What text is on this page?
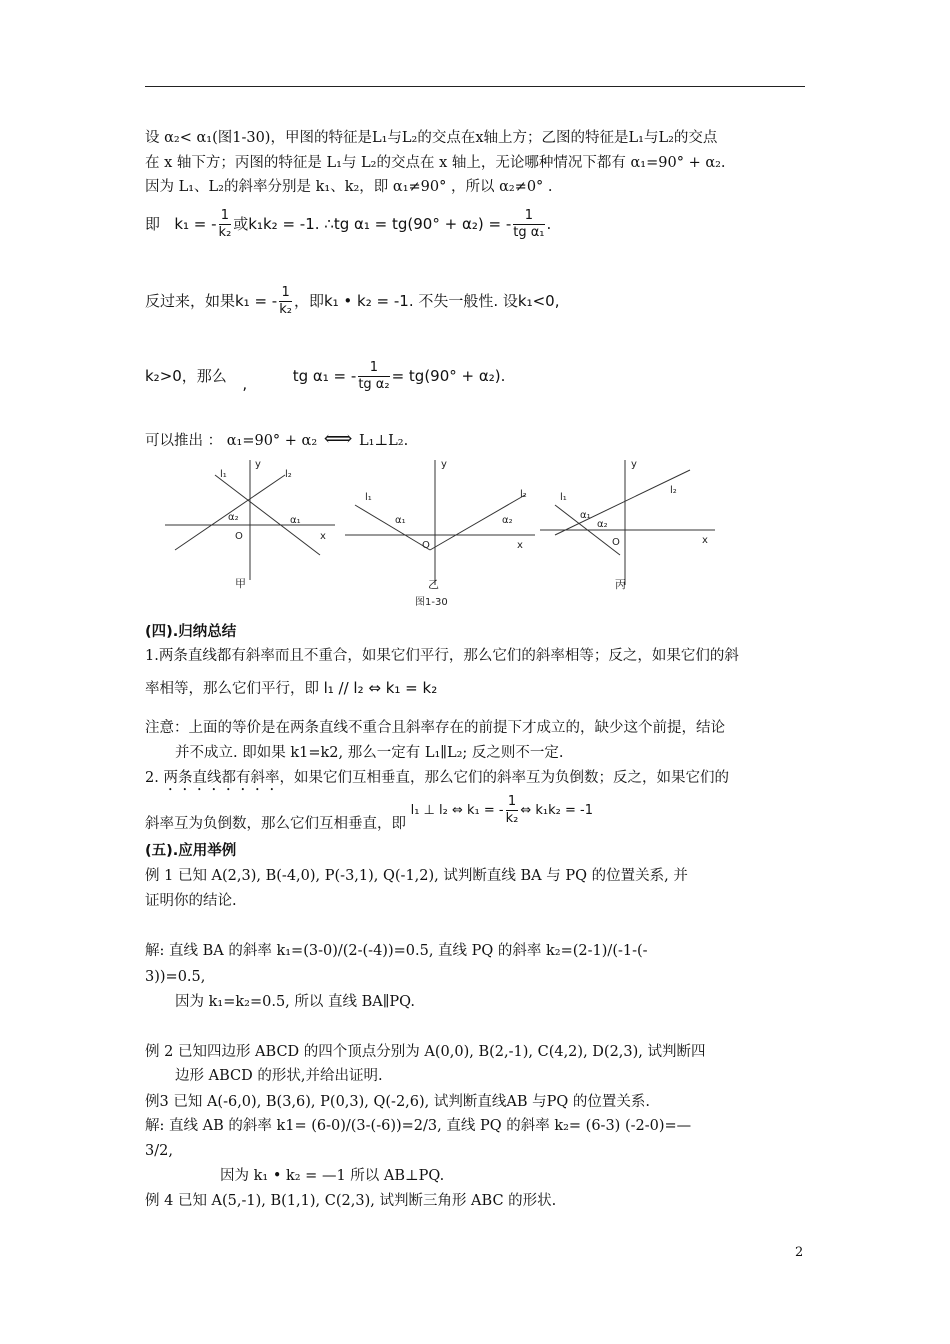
设 α₂< α₁(图1-30)，甲图的特征是L₁与L₂的交点在x轴上方；乙图的特征是L₁与L₂的交点
在 x 轴下方；丙图的特征是 L₁与 L₂的交点在 x 轴上，无论哪种情况下都有 α₁=90° + α₂.
因为 L₁、L₂的斜率分别是 k₁、k₂，即 α₁≠90° ，所以 α₂≠0° .
即 k₁ = - $\frac{1}{\text{k₂}}$ 或k₁k₂ = -1. ∴tg α₁ = tg(90° + α₂) = - $\frac{1}{\text{tg α₁}}$ .
反过来，如果k₁ = - $\frac{1}{\text{k₂}}$ ，即k₁ • k₂ = -1. 不失一般性. 设k₁<0,
k₂>0，那么 ,	tg α₁ = - $\frac{1}{\text{tg α₂}} = tg(90^\circ + \alpha_2)$.
可以推出 ： α₁=90° + α₂ ⟺ L₁⊥L₂.
l₁
y
l₂
α₂	α₁
O	x
甲
y
l₁	l₂
α₁	α₂
O	x
乙
y
l₂
l₁
α₁
α₂
O	x
丙
图1-30
(四).归纳总结
1.两条直线都有斜率而且不重合，如果它们平行，那么它们的斜率相等；反之，如果它们的斜
率相等，那么它们平行，即 l₁ // l₂ ⇔ k₁ = k₂
注意：上面的等价是在两条直线不重合且斜率存在的前提下才成立的，缺少这个前提，结论
并不成立. 即如果 k1=k2, 那么一定有 L₁∥L₂; 反之则不一定.
2. 两条直线都有斜率，如果它们互相垂直，那么它们的斜率互为负倒数；反之，如果它们的
斜率互为负倒数，那么它们互相垂直，即 l₁ ⊥ l₂ ⇔ k₁ = - $\frac{1}{\text{k₂}}$ ⇔ k₁k₂ = -1
(五).应用举例
例 1 已知 A(2,3), B(-4,0), P(-3,1), Q(-1,2), 试判断直线 BA 与 PQ 的位置关系, 并
证明你的结论.
解: 直线 BA 的斜率 k₁=(3-0)/(2-(-4))=0.5, 直线 PQ 的斜率 k₂=(2-1)/(-1-(-
3))=0.5,
因为 k₁=k₂=0.5, 所以 直线 BA∥PQ.
例 2 已知四边形 ABCD 的四个顶点分别为 A(0,0), B(2,-1), C(4,2), D(2,3), 试判断四
边形 ABCD 的形状,并给出证明.
例3 已知 A(-6,0), B(3,6), P(0,3), Q(-2,6), 试判断直线AB 与PQ 的位置关系.
解: 直线 AB 的斜率 k1= (6-0)/(3-(-6))=2/3, 直线 PQ 的斜率 k₂= (6-3) (-2-0)=—
3/2,
因为 k₁ • k₂ = —1 所以 AB⊥PQ.
例 4 已知 A(5,-1), B(1,1), C(2,3), 试判断三角形 ABC 的形状.
2
